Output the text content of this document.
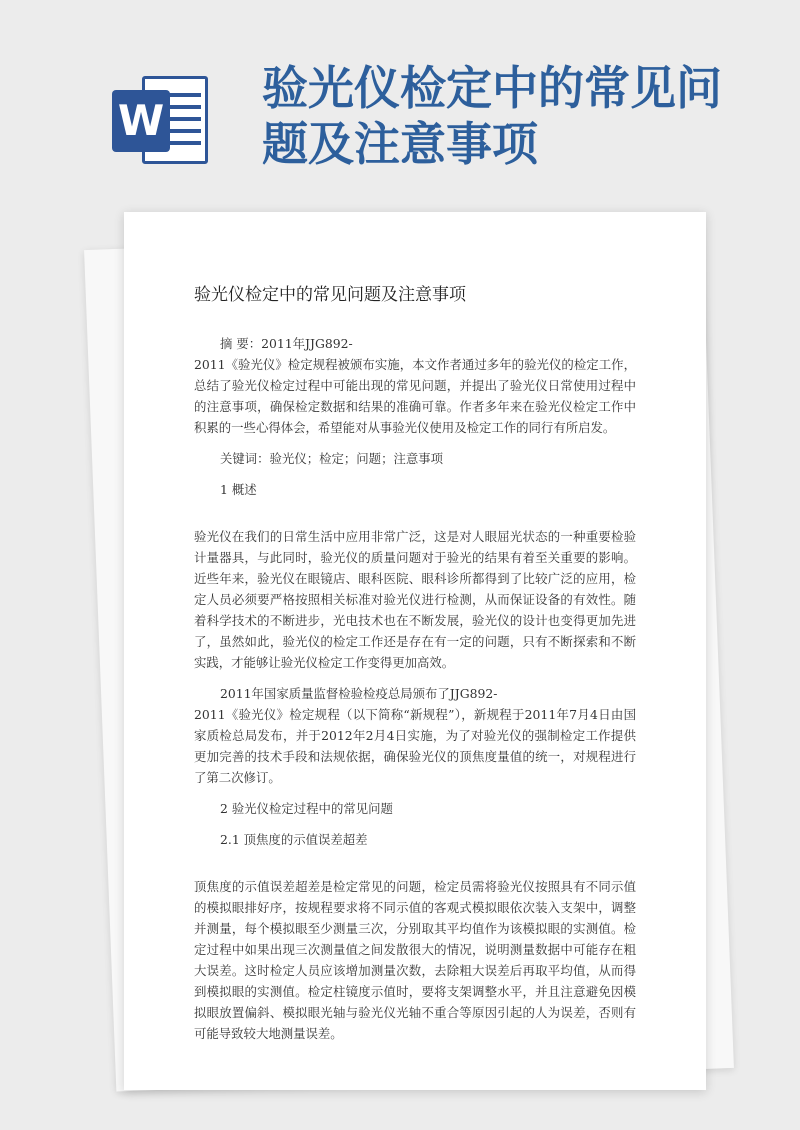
W
验光仪检定中的常见问题及注意事项
验光仪检定中的常见问题及注意事项

摘 要：2011年JJG892-

2011《验光仪》检定规程被颁布实施，本文作者通过多年的验光仪的检定工作，总结了验光仪检定过程中可能出现的常见问题，并提出了验光仪日常使用过程中的注意事项，确保检定数据和结果的准确可靠。作者多年来在验光仪检定工作中积累的一些心得体会，希望能对从事验光仪使用及检定工作的同行有所启发。

关键词：验光仪；检定；问题；注意事项

1 概述

验光仪在我们的日常生活中应用非常广泛，这是对人眼屈光状态的一种重要检验计量器具，与此同时，验光仪的质量问题对于验光的结果有着至关重要的影响。近些年来，验光仪在眼镜店、眼科医院、眼科诊所都得到了比较广泛的应用，检定人员必须要严格按照相关标准对验光仪进行检测，从而保证设备的有效性。随着科学技术的不断进步，光电技术也在不断发展，验光仪的设计也变得更加先进了，虽然如此，验光仪的检定工作还是存在有一定的问题，只有不断探索和不断实践，才能够让验光仪检定工作变得更加高效。

2011年国家质量监督检验检疫总局颁布了JJG892-

2011《验光仪》检定规程（以下简称“新规程”），新规程于2011年7月4日由国家质检总局发布，并于2012年2月4日实施，为了对验光仪的强制检定工作提供更加完善的技术手段和法规依据，确保验光仪的顶焦度量值的统一，对规程进行了第二次修订。

2 验光仪检定过程中的常见问题

2.1 顶焦度的示值误差超差

顶焦度的示值误差超差是检定常见的问题，检定员需将验光仪按照具有不同示值的模拟眼排好序，按规程要求将不同示值的客观式模拟眼依次装入支架中，调整并测量，每个模拟眼至少测量三次，分别取其平均值作为该模拟眼的实测值。检定过程中如果出现三次测量值之间发散很大的情况，说明测量数据中可能存在粗大误差。这时检定人员应该增加测量次数，去除粗大误差后再取平均值，从而得到模拟眼的实测值。检定柱镜度示值时，要将支架调整水平，并且注意避免因模拟眼放置偏斜、模拟眼光轴与验光仪光轴不重合等原因引起的人为误差，否则有可能导致较大地测量误差。
